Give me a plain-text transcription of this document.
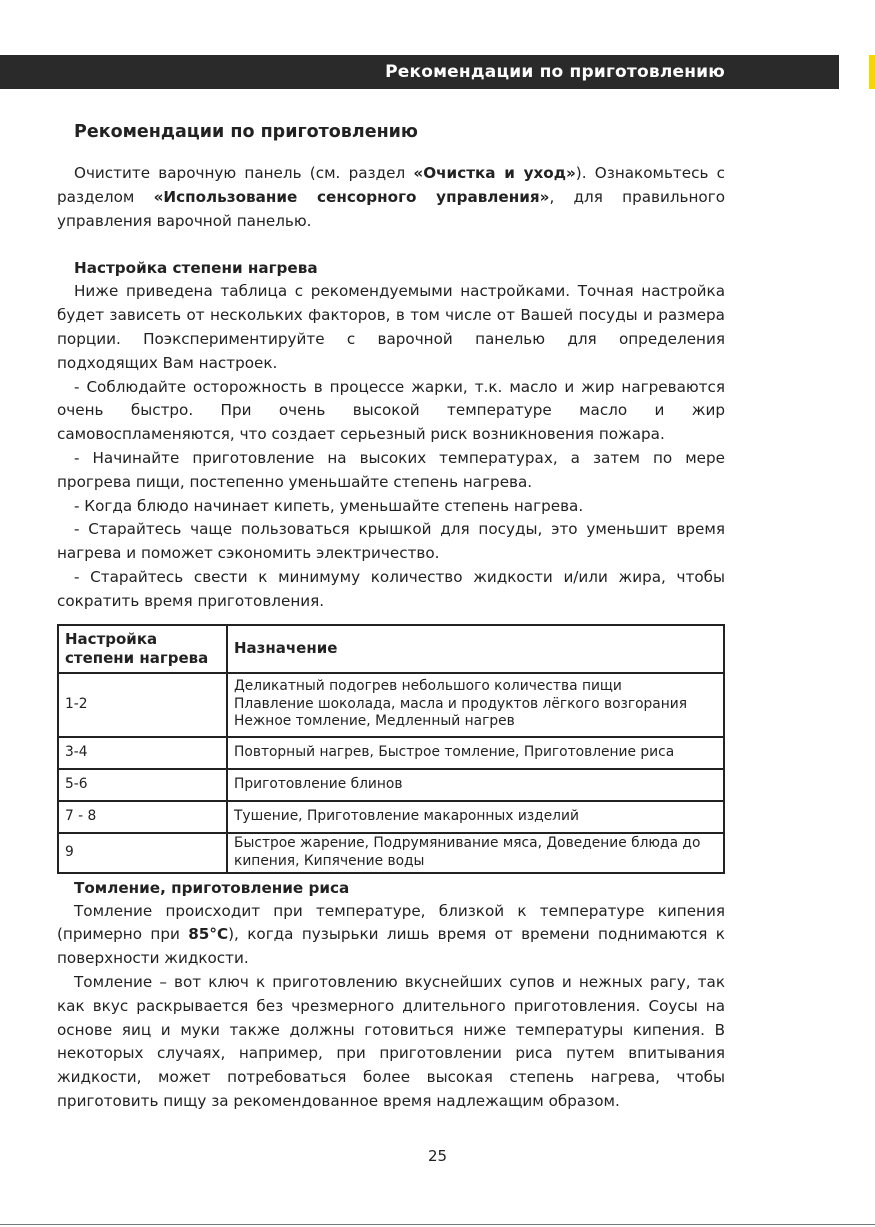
Рекомендации по приготовлению
Рекомендации по приготовлению

Очистите варочную панель (см. раздел «Очистка и уход»). Ознакомьтесь с разделом «Использование сенсорного управления», для правильного управления варочной панелью.

Настройка степени нагрева

Ниже приведена таблица с рекомендуемыми настройками. Точная настройка будет зависеть от нескольких факторов, в том числе от Вашей посуды и размера порции. Поэкспериментируйте с варочной панелью для определения подходящих Вам настроек.

- Соблюдайте осторожность в процессе жарки, т.к. масло и жир нагреваются очень быстро. При очень высокой температуре масло и жир самовоспламеняются, что создает серьезный риск возникновения пожара.

- Начинайте приготовление на высоких температурах, а затем по мере прогрева пищи, постепенно уменьшайте степень нагрева.

- Когда блюдо начинает кипеть, уменьшайте степень нагрева.

- Старайтесь чаще пользоваться крышкой для посуды, это уменьшит время нагрева и поможет сэкономить электричество.

- Старайтесь свести к минимуму количество жидкости и/или жира, чтобы сократить время приготовления.

Настройка степени нагрева	Назначение
1-2	Деликатный подогрев небольшого количества пищи
Плавление шоколада, масла и продуктов лёгкого возгорания
Нежное томление, Медленный нагрев

3-4	Повторный нагрев, Быстрое томление, Приготовление риса

5-6	Приготовление блинов

7 - 8	Тушение, Приготовление макаронных изделий

9	Быстрое жарение, Подрумянивание мяса, Доведение блюда до кипения, Кипячение воды
Томление, приготовление риса

Томление происходит при температуре, близкой к температуре кипения (примерно при 85°C), когда пузырьки лишь время от времени поднимаются к поверхности жидкости.

Томление – вот ключ к приготовлению вкуснейших супов и нежных рагу, так как вкус раскрывается без чрезмерного длительного приготовления. Соусы на основе яиц и муки также должны готовиться ниже температуры кипения. В некоторых случаях, например, при приготовлении риса путем впитывания жидкости, может потребоваться более высокая степень нагрева, чтобы приготовить пищу за рекомендованное время надлежащим образом.

25
